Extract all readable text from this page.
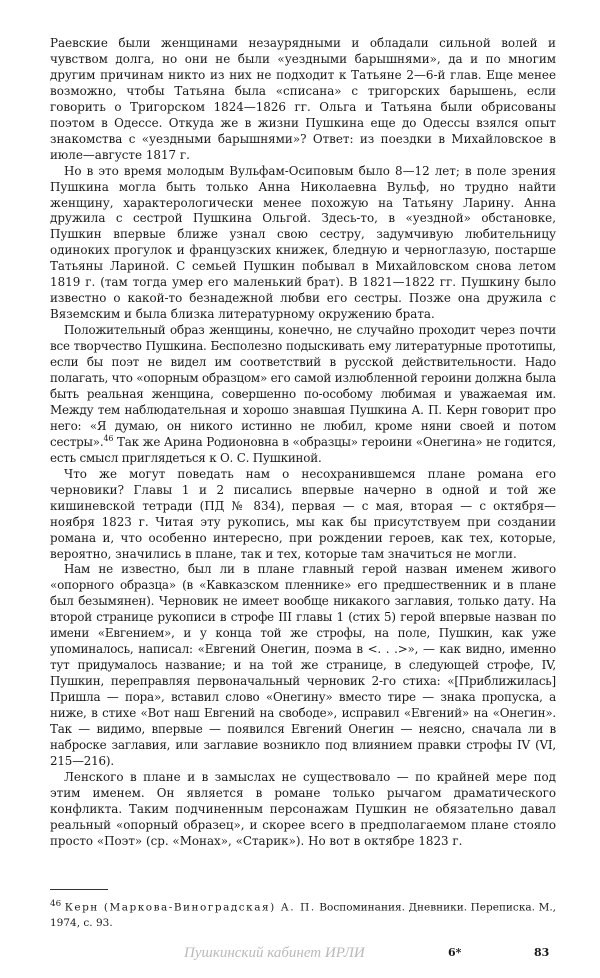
Раевские были женщинами незаурядными и обладали сильной волей и чувством долга, но они не были «уездными барышнями», да и по многим другим причинам никто из них не подходит к Татьяне 2—6-й глав. Еще менее возможно, чтобы Татьяна была «списана» с тригорских барышень, если говорить о Тригорском 1824—1826 гг. Ольга и Татьяна были обрисованы поэтом в Одессе. Откуда же в жизни Пушкина еще до Одессы взялся опыт знакомства с «уездными барышнями»? Ответ: из поездки в Михайловское в июле—августе 1817 г.

Но в это время молодым Вульфам-Осиповым было 8—12 лет; в поле зрения Пушкина могла быть только Анна Николаевна Вульф, но трудно найти женщину, характерологически менее похожую на Татьяну Ларину. Анна дружила с сестрой Пушкина Ольгой. Здесь-то, в «уездной» обстановке, Пушкин впервые ближе узнал свою сестру, задумчивую любительницу одиноких прогулок и французских книжек, бледную и черноглазую, постарше Татьяны Лариной. С семьей Пушкин побывал в Михайловском снова летом 1819 г. (там тогда умер его маленький брат). В 1821—1822 гг. Пушкину было известно о какой-то безнадежной любви его сестры. Позже она дружила с Вяземским и была близка литературному окружению брата.

Положительный образ женщины, конечно, не случайно проходит через почти все творчество Пушкина. Бесполезно подыскивать ему литературные прототипы, если бы поэт не видел им соответствий в русской действительности. Надо полагать, что «опорным образцом» его самой излюбленной героини должна была быть реальная женщина, совершенно по-особому любимая и уважаемая им. Между тем наблюдательная и хорошо знавшая Пушкина А. П. Керн говорит про него: «Я думаю, он никого истинно не любил, кроме няни своей и потом сестры».$^{46}$ Так же Арина Родионовна в «образцы» героини «Онегина» не годится, есть смысл приглядеться к О. С. Пушкиной.

Что же могут поведать нам о несохранившемся плане романа его черновики? Главы 1 и 2 писались впервые начерно в одной и той же кишиневской тетради (ПД № 834), первая — с мая, вторая — с октября—ноября 1823 г. Читая эту рукопись, мы как бы присутствуем при создании романа и, что особенно интересно, при рождении героев, как тех, которые, вероятно, значились в плане, так и тех, которые там значиться не могли.

Нам не известно, был ли в плане главный герой назван именем живого «опорного образца» (в «Кавказском пленнике» его предшественник и в плане был безымянен). Черновик не имеет вообще никакого заглавия, только дату. На второй странице рукописи в строфе III главы 1 (стих 5) герой впервые назван по имени «Евгением», и у конца той же строфы, на поле, Пушкин, как уже упоминалось, написал: «Евгений Онегин, поэма в <. . .>», — как видно, именно тут придумалось название; и на той же странице, в следующей строфе, IV, Пушкин, переправляя первоначальный черновик 2-го стиха: «[Приближилась] Пришла — пора», вставил слово «Онегину» вместо тире — знака пропуска, а ниже, в стихе «Вот наш Евгений на свободе», исправил «Евгений» на «Онегин». Так — видимо, впервые — появился Евгений Онегин — неясно, сначала ли в наброске заглавия, или заглавие возникло под влиянием правки строфы IV (VI, 215—216).

Ленского в плане и в замыслах не существовало — по крайней мере под этим именем. Он является в романе только рычагом драматического конфликта. Таким подчиненным персонажам Пушкин не обязательно давал реальный «опорный образец», и скорее всего в предполагаемом плане стояло просто «Поэт» (ср. «Монах», «Старик»). Но вот в октябре 1823 г.

$^{46}$ Керн (Маркова-Виноградская) А. П. Воспоминания. Дневники. Переписка. М., 1974, с. 93.
Пушкинский кабинет ИРЛИ	6*	83
